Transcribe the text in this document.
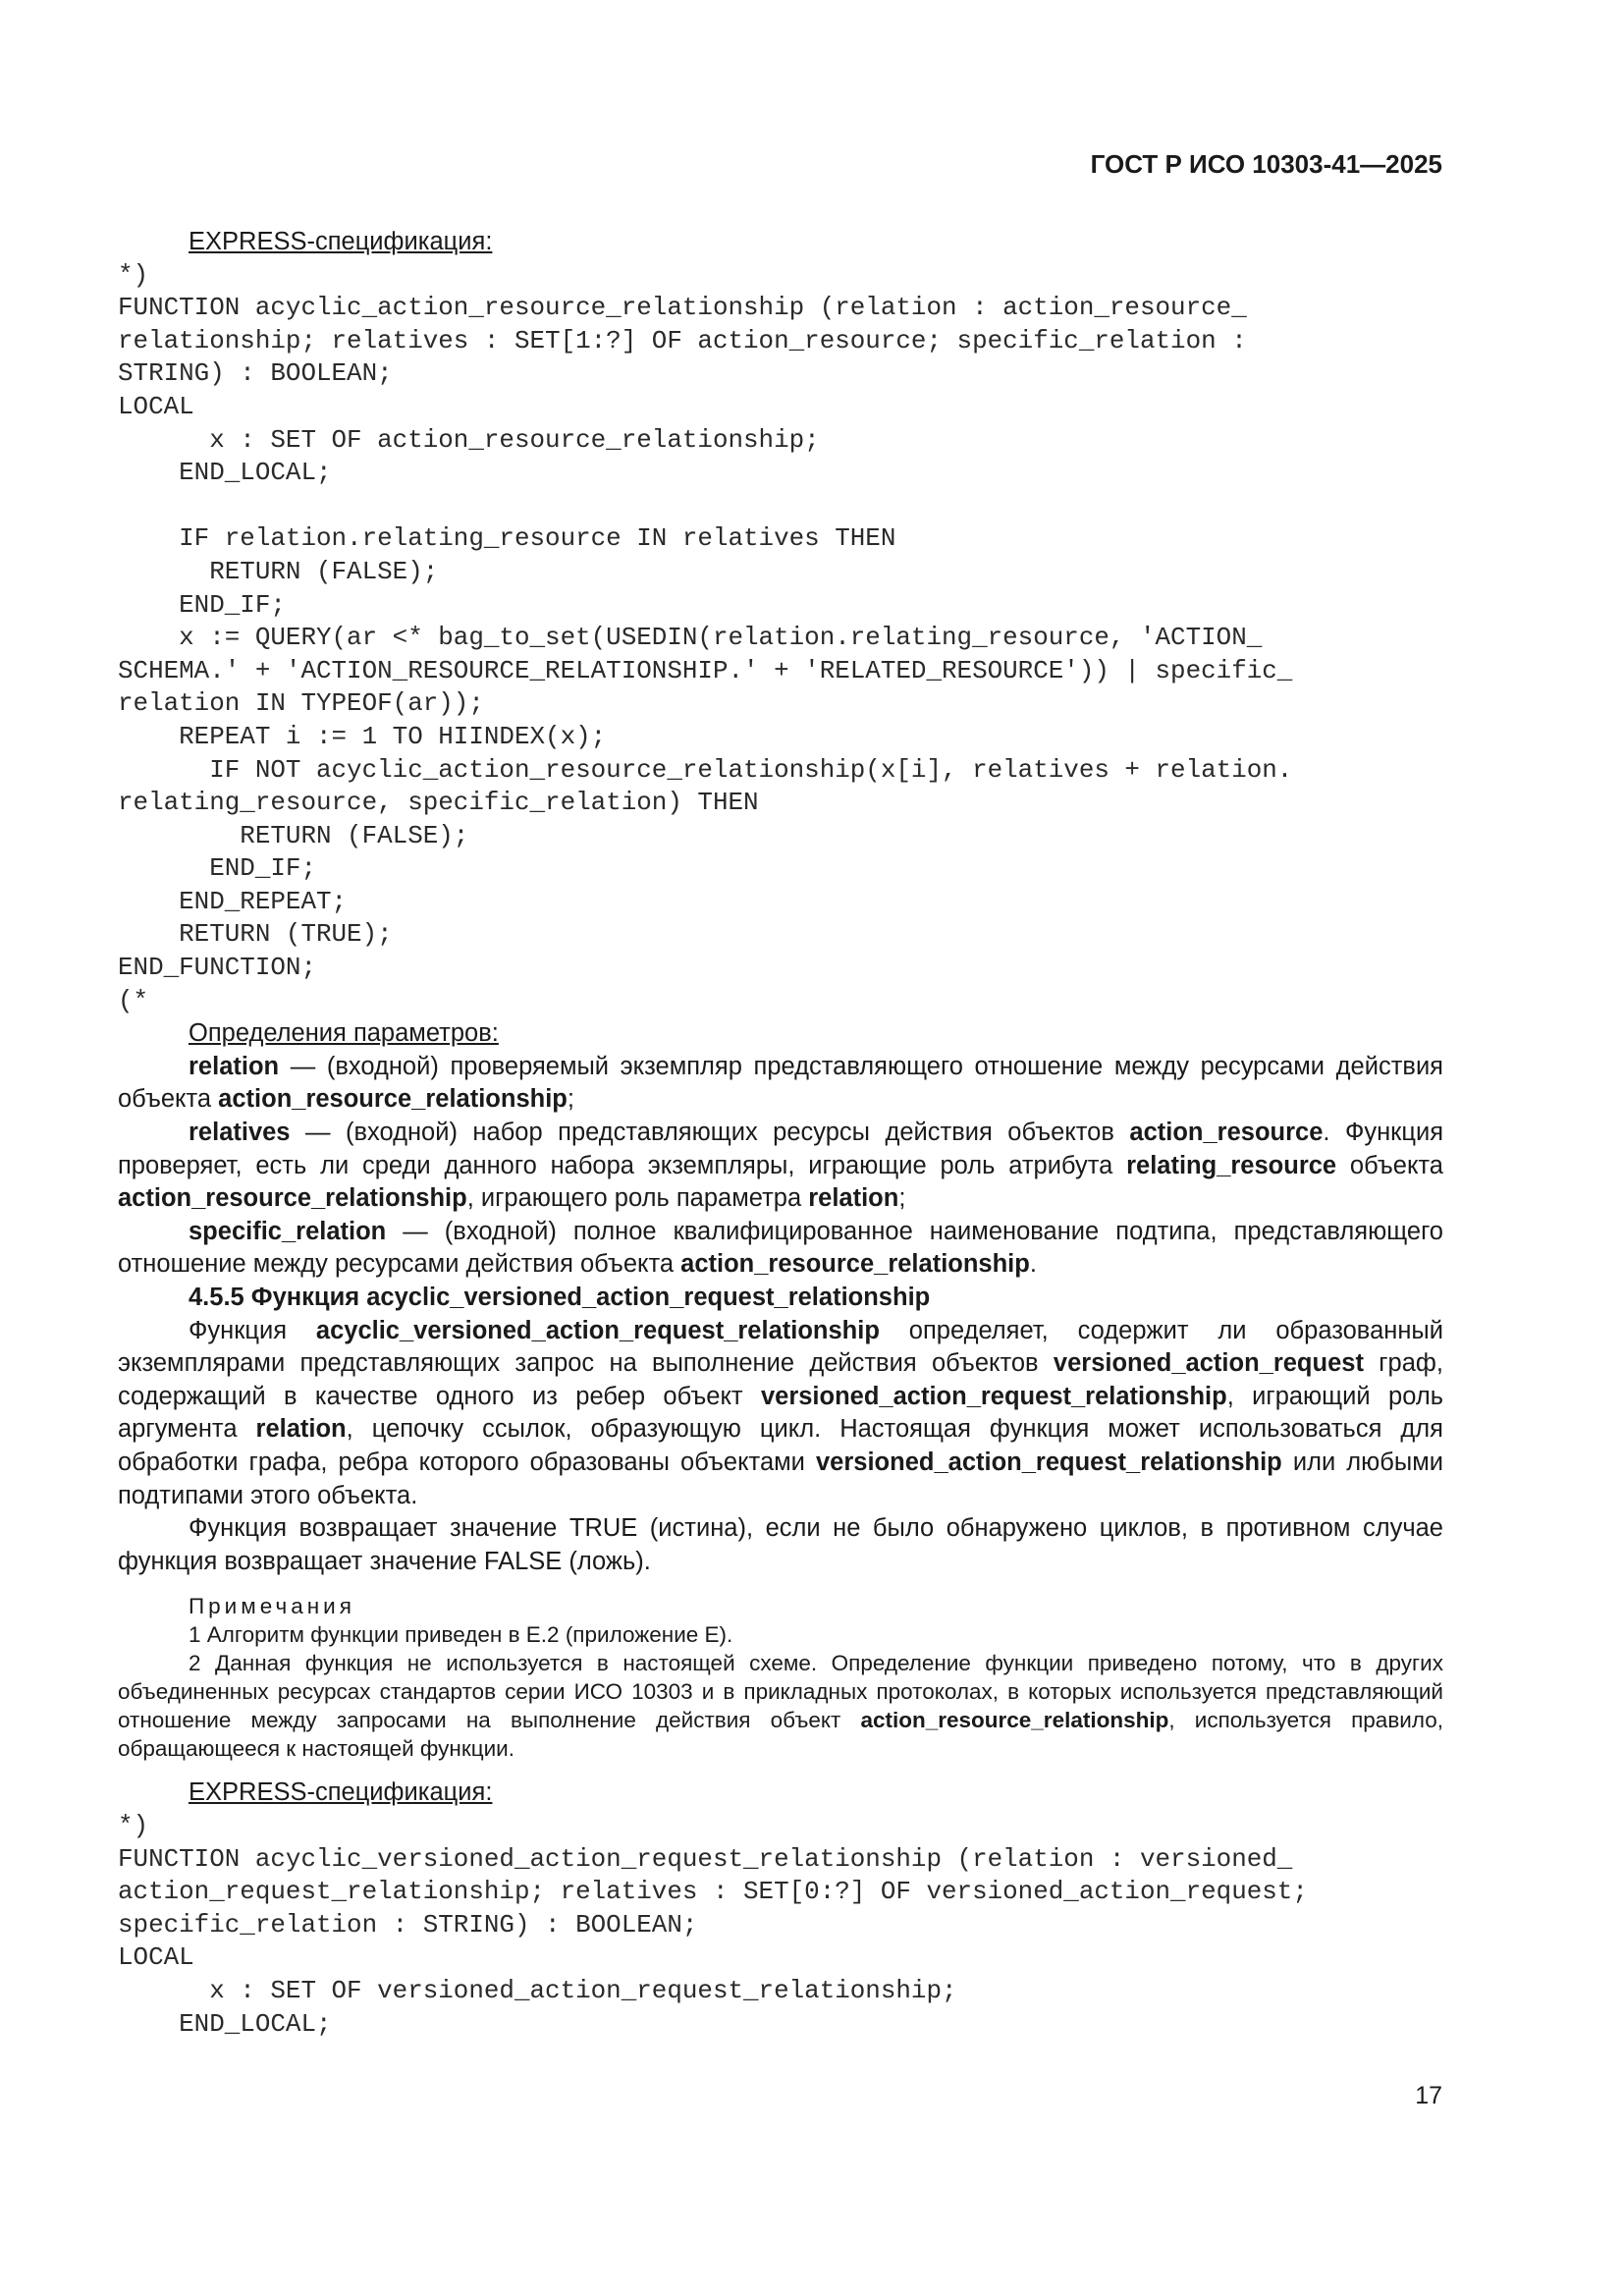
ГОСТ Р ИСО 10303-41—2025

EXPRESS-спецификация:

*)
FUNCTION acyclic_action_resource_relationship (relation : action_resource_
relationship; relatives : SET[1:?] OF action_resource; specific_relation :
STRING) : BOOLEAN;
LOCAL
x : SET OF action_resource_relationship;
END_LOCAL;

IF relation.relating_resource IN relatives THEN
RETURN (FALSE);
END_IF;
x := QUERY(ar <* bag_to_set(USEDIN(relation.relating_resource, 'ACTION_
SCHEMA.' + 'ACTION_RESOURCE_RELATIONSHIP.' + 'RELATED_RESOURCE')) | specific_
relation IN TYPEOF(ar));
REPEAT i := 1 TO HIINDEX(x);
IF NOT acyclic_action_resource_relationship(x[i], relatives + relation.
relating_resource, specific_relation) THEN
RETURN (FALSE);
END_IF;
END_REPEAT;
RETURN (TRUE);
END_FUNCTION;
(*

Определения параметров:

relation — (входной) проверяемый экземпляр представляющего отношение между ресурсами действия объекта action_resource_relationship;

relatives — (входной) набор представляющих ресурсы действия объектов action_resource. Функция проверяет, есть ли среди данного набора экземпляры, играющие роль атрибута relating_resource объекта action_resource_relationship, играющего роль параметра relation;

specific_relation — (входной) полное квалифицированное наименование подтипа, представляющего отношение между ресурсами действия объекта action_resource_relationship.

4.5.5 Функция acyclic_versioned_action_request_relationship

Функция acyclic_versioned_action_request_relationship определяет, содержит ли образованный экземплярами представляющих запрос на выполнение действия объектов versioned_action_request граф, содержащий в качестве одного из ребер объект versioned_action_request_relationship, играющий роль аргумента relation, цепочку ссылок, образующую цикл. Настоящая функция может использоваться для обработки графа, ребра которого образованы объектами versioned_action_request_relationship или любыми подтипами этого объекта.

Функция возвращает значение TRUE (истина), если не было обнаружено циклов, в противном случае функция возвращает значение FALSE (ложь).

Примечания

1 Алгоритм функции приведен в Е.2 (приложение Е).

2 Данная функция не используется в настоящей схеме. Определение функции приведено потому, что в других объединенных ресурсах стандартов серии ИСО 10303 и в прикладных протоколах, в которых используется представляющий отношение между запросами на выполнение действия объект action_resource_relationship, используется правило, обращающееся к настоящей функции.

EXPRESS-спецификация:

*)
FUNCTION acyclic_versioned_action_request_relationship (relation : versioned_
action_request_relationship; relatives : SET[0:?] OF versioned_action_request;
specific_relation : STRING) : BOOLEAN;
LOCAL
x : SET OF versioned_action_request_relationship;
END_LOCAL;
17
